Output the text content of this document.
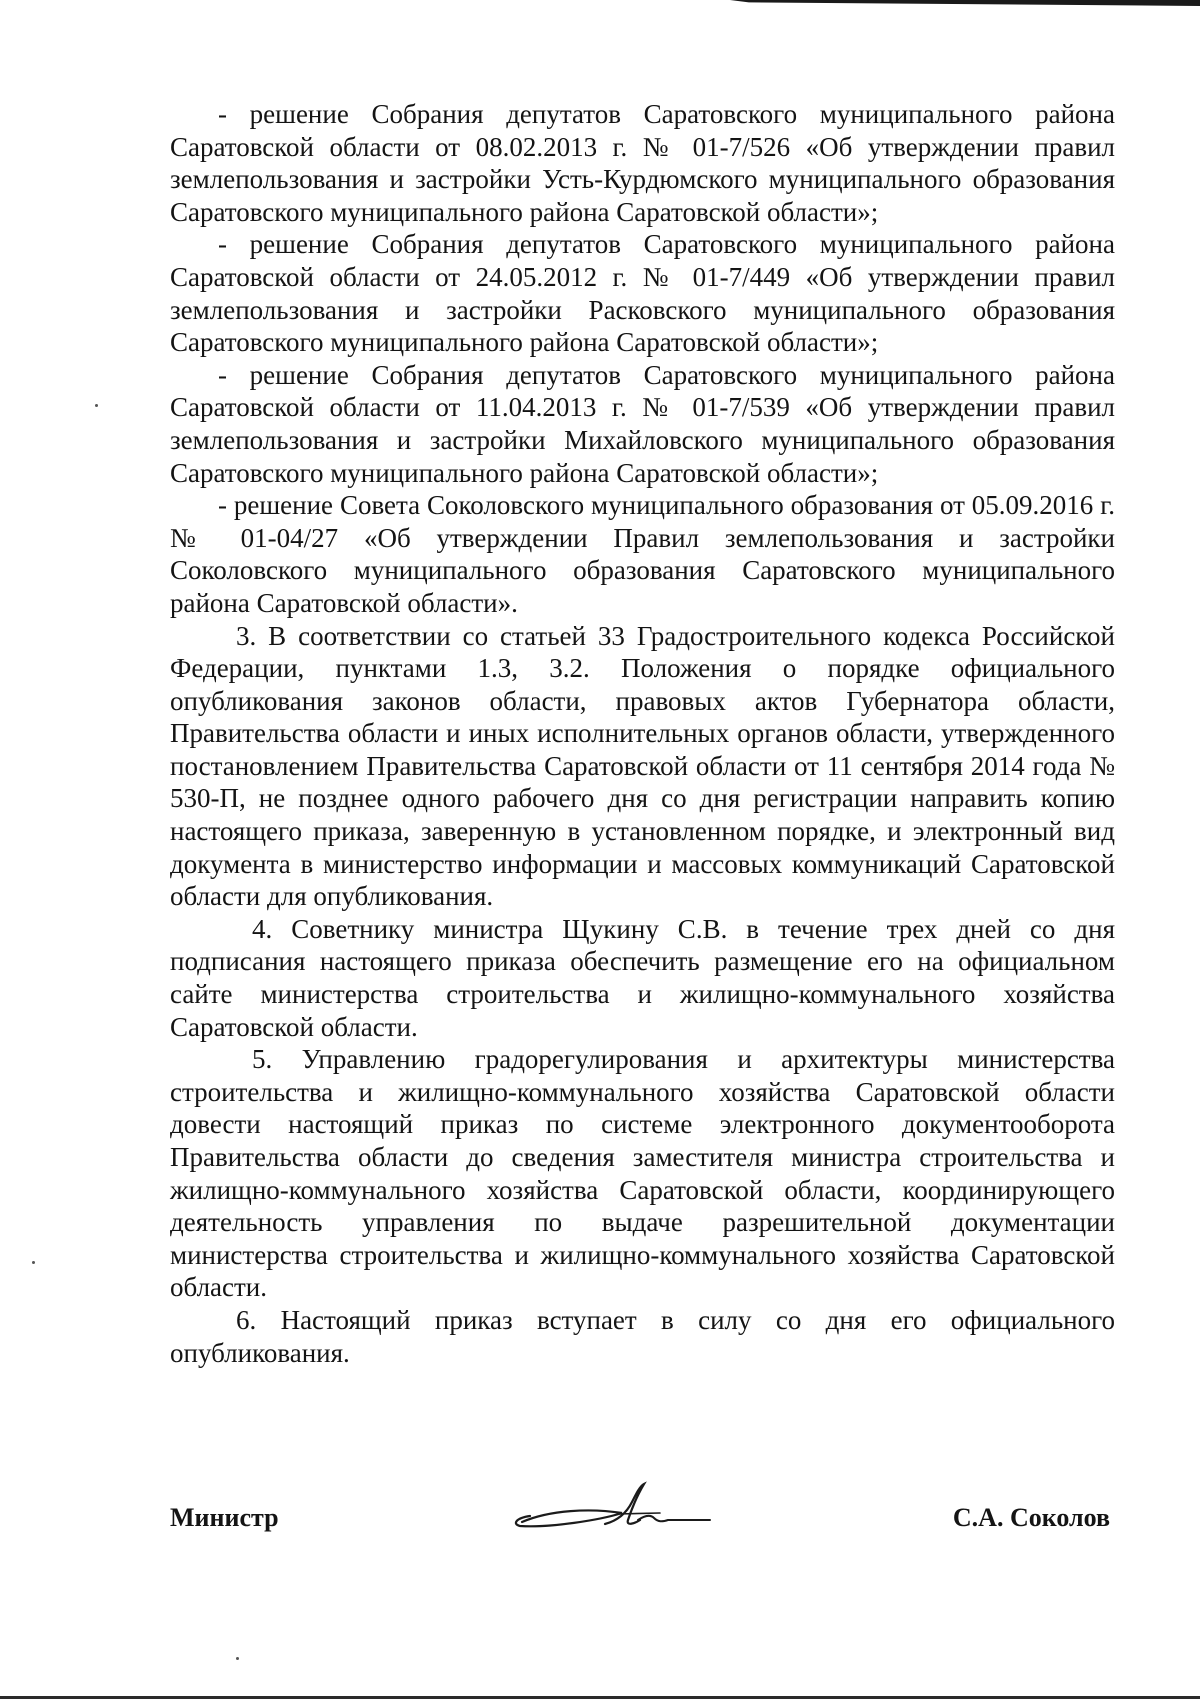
- решение Собрания депутатов Саратовского муниципального района Саратовской области от 08.02.2013 г. № 01-7/526 «Об утверждении правил землепользования и застройки Усть-Курдюмского муниципального образования Саратовского муниципального района Саратовской области»;

- решение Собрания депутатов Саратовского муниципального района Саратовской области от 24.05.2012 г. № 01-7/449 «Об утверждении правил землепользования и застройки Расковского муниципального образования Саратовского муниципального района Саратовской области»;

- решение Собрания депутатов Саратовского муниципального района Саратовской области от 11.04.2013 г. № 01-7/539 «Об утверждении правил землепользования и застройки Михайловского муниципального образования Саратовского муниципального района Саратовской области»;

- решение Совета Соколовского муниципального образования от 05.09.2016 г. № 01-04/27 «Об утверждении Правил землепользования и застройки Соколовского муниципального образования Саратовского муниципального района Саратовской области».

3. В соответствии со статьей 33 Градостроительного кодекса Российской Федерации, пунктами 1.3, 3.2. Положения о порядке официального опубликования законов области, правовых актов Губернатора области, Правительства области и иных исполнительных органов области, утвержденного постановлением Правительства Саратовской области от 11 сентября 2014 года № 530-П, не позднее одного рабочего дня со дня регистрации направить копию настоящего приказа, заверенную в установленном порядке, и электронный вид документа в министерство информации и массовых коммуникаций Саратовской области для опубликования.

4. Советнику министра Щукину С.В. в течение трех дней со дня подписания настоящего приказа обеспечить размещение его на официальном сайте министерства строительства и жилищно-коммунального хозяйства Саратовской области.

5. Управлению градорегулирования и архитектуры министерства строительства и жилищно-коммунального хозяйства Саратовской области довести настоящий приказ по системе электронного документооборота Правительства области до сведения заместителя министра строительства и жилищно-коммунального хозяйства Саратовской области, координирующего деятельность управления по выдаче разрешительной документации министерства строительства и жилищно-коммунального хозяйства Саратовской области.

6. Настоящий приказ вступает в силу со дня его официального опубликования.

Министр	С.А. Соколов
